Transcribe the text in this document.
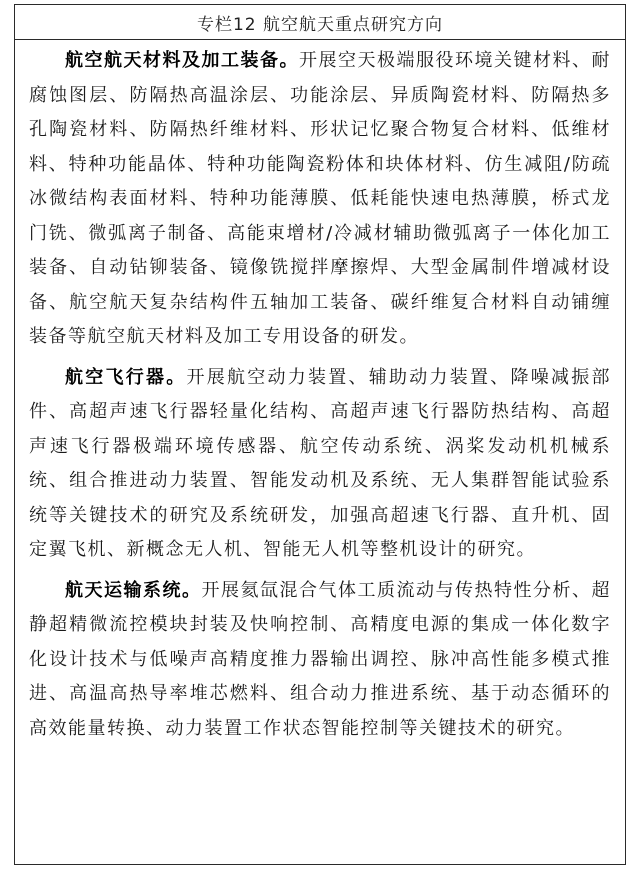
专栏12 航空航天重点研究方向

航空航天材料及加工装备。开展空天极端服役环境关键材料、耐腐蚀图层、防隔热高温涂层、功能涂层、异质陶瓷材料、防隔热多孔陶瓷材料、防隔热纤维材料、形状记忆聚合物复合材料、低维材料、特种功能晶体、特种功能陶瓷粉体和块体材料、仿生减阻/防疏冰微结构表面材料、特种功能薄膜、低耗能快速电热薄膜，桥式龙门铣、微弧离子制备、高能束增材/冷减材辅助微弧离子一体化加工装备、自动钻铆装备、镜像铣搅拌摩擦焊、大型金属制件增减材设备、航空航天复杂结构件五轴加工装备、碳纤维复合材料自动铺缠装备等航空航天材料及加工专用设备的研发。

航空飞行器。开展航空动力装置、辅助动力装置、降噪减振部件、高超声速飞行器轻量化结构、高超声速飞行器防热结构、高超声速飞行器极端环境传感器、航空传动系统、涡桨发动机机械系统、组合推进动力装置、智能发动机及系统、无人集群智能试验系统等关键技术的研究及系统研发，加强高超速飞行器、直升机、固定翼飞机、新概念无人机、智能无人机等整机设计的研究。

航天运输系统。开展氦氙混合气体工质流动与传热特性分析、超静超精微流控模块封装及快响控制、高精度电源的集成一体化数字化设计技术与低噪声高精度推力器输出调控、脉冲高性能多模式推进、高温高热导率堆芯燃料、组合动力推进系统、基于动态循环的高效能量转换、动力装置工作状态智能控制等关键技术的研究。
